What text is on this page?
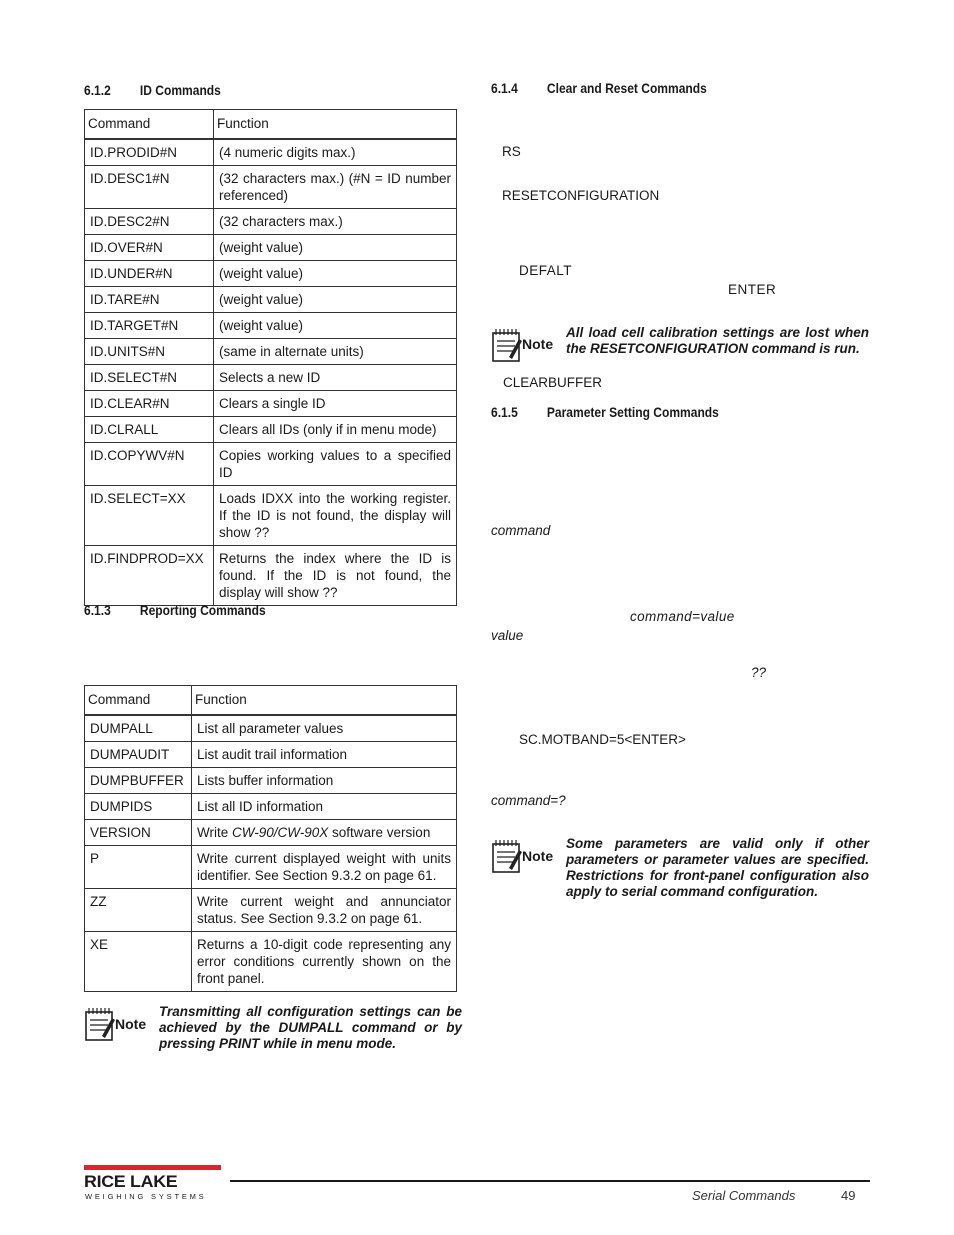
6.1.2 ID Commands
Command	Function
ID.PRODID#N	(4 numeric digits max.)
ID.DESC1#N	(32 characters max.) (#N = ID number referenced)
ID.DESC2#N	(32 characters max.)
ID.OVER#N	(weight value)
ID.UNDER#N	(weight value)
ID.TARE#N	(weight value)
ID.TARGET#N	(weight value)
ID.UNITS#N	(same in alternate units)
ID.SELECT#N	Selects a new ID
ID.CLEAR#N	Clears a single ID
ID.CLRALL	Clears all IDs (only if in menu mode)
ID.COPYWV#N	Copies working values to a specified ID
ID.SELECT=XX	Loads IDXX into the working register. If the ID is not found, the display will show ??
ID.FINDPROD=XX	Returns the index where the ID is found. If the ID is not found, the display will show ??
6.1.3 Reporting Commands
Command	Function
DUMPALL	List all parameter values
DUMPAUDIT	List audit trail information
DUMPBUFFER	Lists buffer information
DUMPIDS	List all ID information
VERSION	Write CW-90/CW-90X software version
P	Write current displayed weight with units identifier. See Section 9.3.2 on page 61.
ZZ	Write current weight and annunciator status. See Section 9.3.2 on page 61.
XE	Returns a 10-digit code representing any error conditions currently shown on the front panel.
Note
Transmitting all configuration settings can be achieved by the DUMPALL command or by pressing PRINT while in menu mode.
6.1.4 Clear and Reset Commands
RS
RESETCONFIGURATION
DEFALT
ENTER
Note
All load cell calibration settings are lost when the RESETCONFIGURATION command is run.
CLEARBUFFER
6.1.5 Parameter Setting Commands
command
command=value
value
??
SC.MOTBAND=5<ENTER>
command=?
Note
Some parameters are valid only if other parameters or parameter values are specified. Restrictions for front-panel configuration also apply to serial command configuration.
RICE LAKE
WEIGHING SYSTEMS	Serial Commands	49
